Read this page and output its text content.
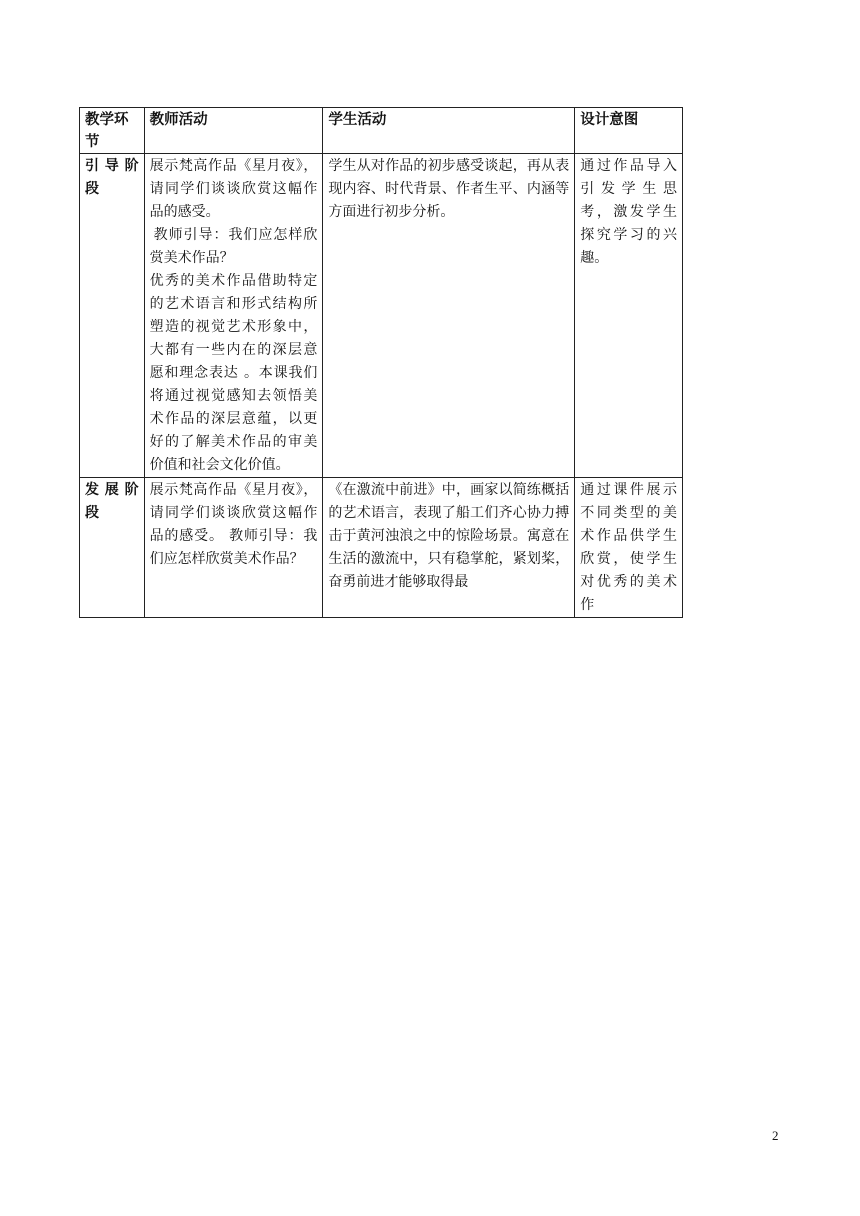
教学环节	教师活动	学生活动	设计意图
引导阶段	展示梵高作品《星月夜》，请同学们谈谈欣赏这幅作品的感受。

教师引导：我们应怎样欣赏美术作品？

优秀的美术作品借助特定的艺术语言和形式结构所塑造的视觉艺术形象中，大都有一些内在的深层意愿和理念表达 。本课我们将通过视觉感知去领悟美术作品的深层意蕴，以更好的了解美术作品的审美价值和社会文化价值。	学生从对作品的初步感受谈起，再从表现内容、时代背景、作者生平、内涵等方面进行初步分析。	通过作品导入引发学生思考，激发学生探究学习的兴趣。
发展阶段	展示梵高作品《星月夜》，请同学们谈谈欣赏这幅作品的感受。 教师引导：我们应怎样欣赏美术作品？	《在激流中前进》中，画家以简练概括的艺术语言，表现了船工们齐心协力搏击于黄河浊浪之中的惊险场景。寓意在生活的激流中，只有稳掌舵，紧划桨，奋勇前进才能够取得最	通过课件展示不同类型的美术作品供学生欣赏，使学生对优秀的美术作
2
